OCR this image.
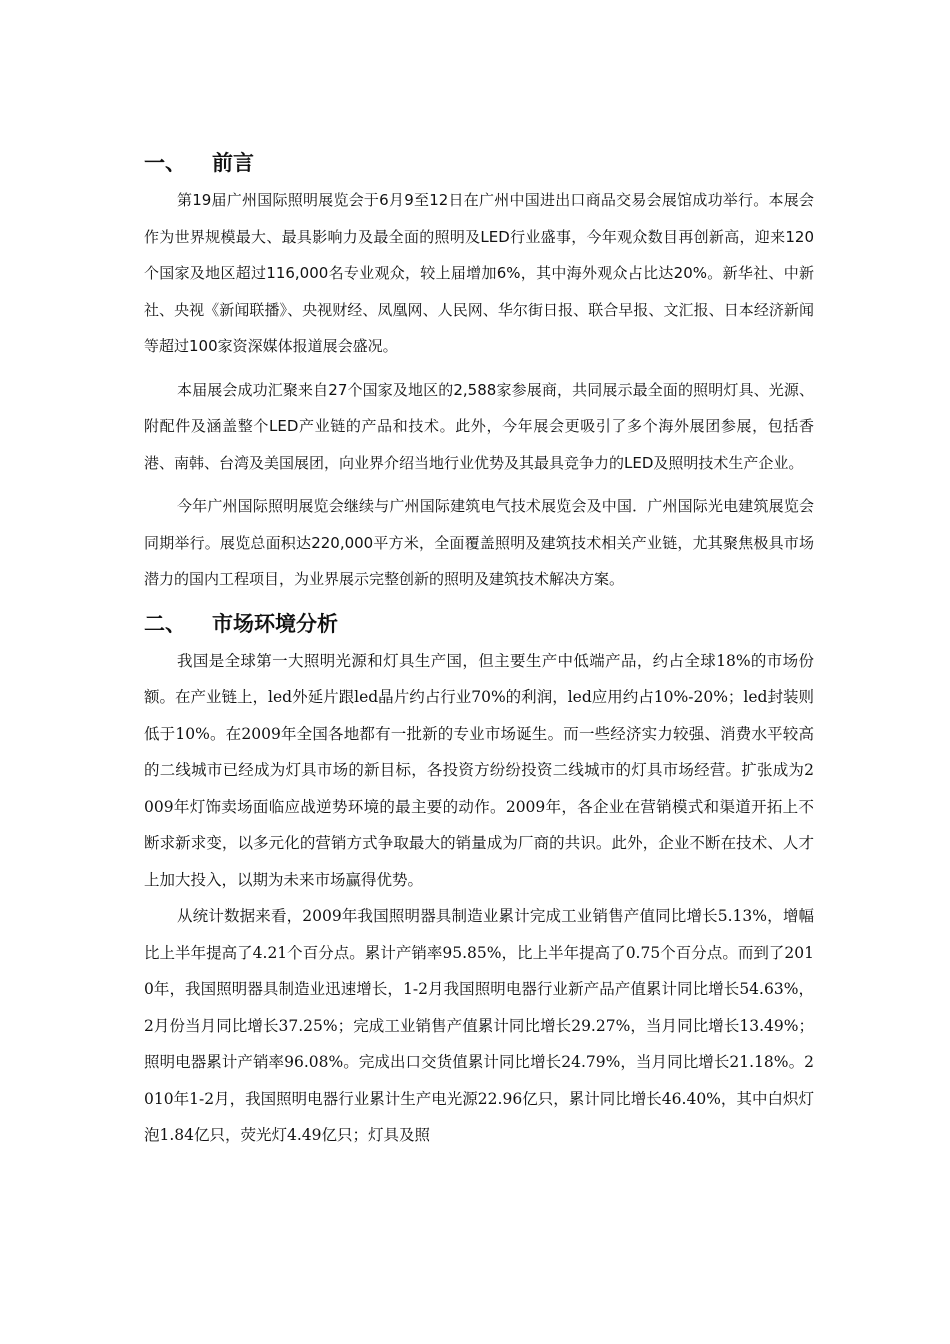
一、	前言

第19届广州国际照明展览会于6月9至12日在广州中国进出口商品交易会展馆成功举行。本展会作为世界规模最大、最具影响力及最全面的照明及LED行业盛事，今年观众数目再创新高，迎来120个国家及地区超过116,000名专业观众，较上届增加6%，其中海外观众占比达20%。新华社、中新社、央视《新闻联播》、央视财经、凤凰网、人民网、华尔街日报、联合早报、文汇报、日本经济新闻等超过100家资深媒体报道展会盛况。

本届展会成功汇聚来自27个国家及地区的2,588家参展商，共同展示最全面的照明灯具、光源、附配件及涵盖整个LED产业链的产品和技术。此外，今年展会更吸引了多个海外展团参展，包括香港、南韩、台湾及美国展团，向业界介绍当地行业优势及其最具竞争力的LED及照明技术生产企业。

今年广州国际照明展览会继续与广州国际建筑电气技术展览会及中国．广州国际光电建筑展览会同期举行。展览总面积达220,000平方米，全面覆盖照明及建筑技术相关产业链，尤其聚焦极具市场潜力的国内工程项目，为业界展示完整创新的照明及建筑技术解决方案。

二、	市场环境分析

我国是全球第一大照明光源和灯具生产国，但主要生产中低端产品，约占全球18%的市场份额。在产业链上，led外延片跟led晶片约占行业70%的利润，led应用约占10%-20%；led封装则低于10%。在2009年全国各地都有一批新的专业市场诞生。而一些经济实力较强、消费水平较高的二线城市已经成为灯具市场的新目标，各投资方纷纷投资二线城市的灯具市场经营。扩张成为2009年灯饰卖场面临应战逆势环境的最主要的动作。2009年，各企业在营销模式和渠道开拓上不断求新求变，以多元化的营销方式争取最大的销量成为厂商的共识。此外，企业不断在技术、人才上加大投入，以期为未来市场赢得优势。

从统计数据来看，2009年我国照明器具制造业累计完成工业销售产值同比增长5.13%，增幅比上半年提高了4.21个百分点。累计产销率95.85%，比上半年提高了0.75个百分点。而到了2010年，我国照明器具制造业迅速增长，1-2月我国照明电器行业新产品产值累计同比增长54.63%，2月份当月同比增长37.25%；完成工业销售产值累计同比增长29.27%，当月同比增长13.49%；照明电器累计产销率96.08%。完成出口交货值累计同比增长24.79%，当月同比增长21.18%。2010年1-2月，我国照明电器行业累计生产电光源22.96亿只，累计同比增长46.40%，其中白炽灯泡1.84亿只，荧光灯4.49亿只；灯具及照
